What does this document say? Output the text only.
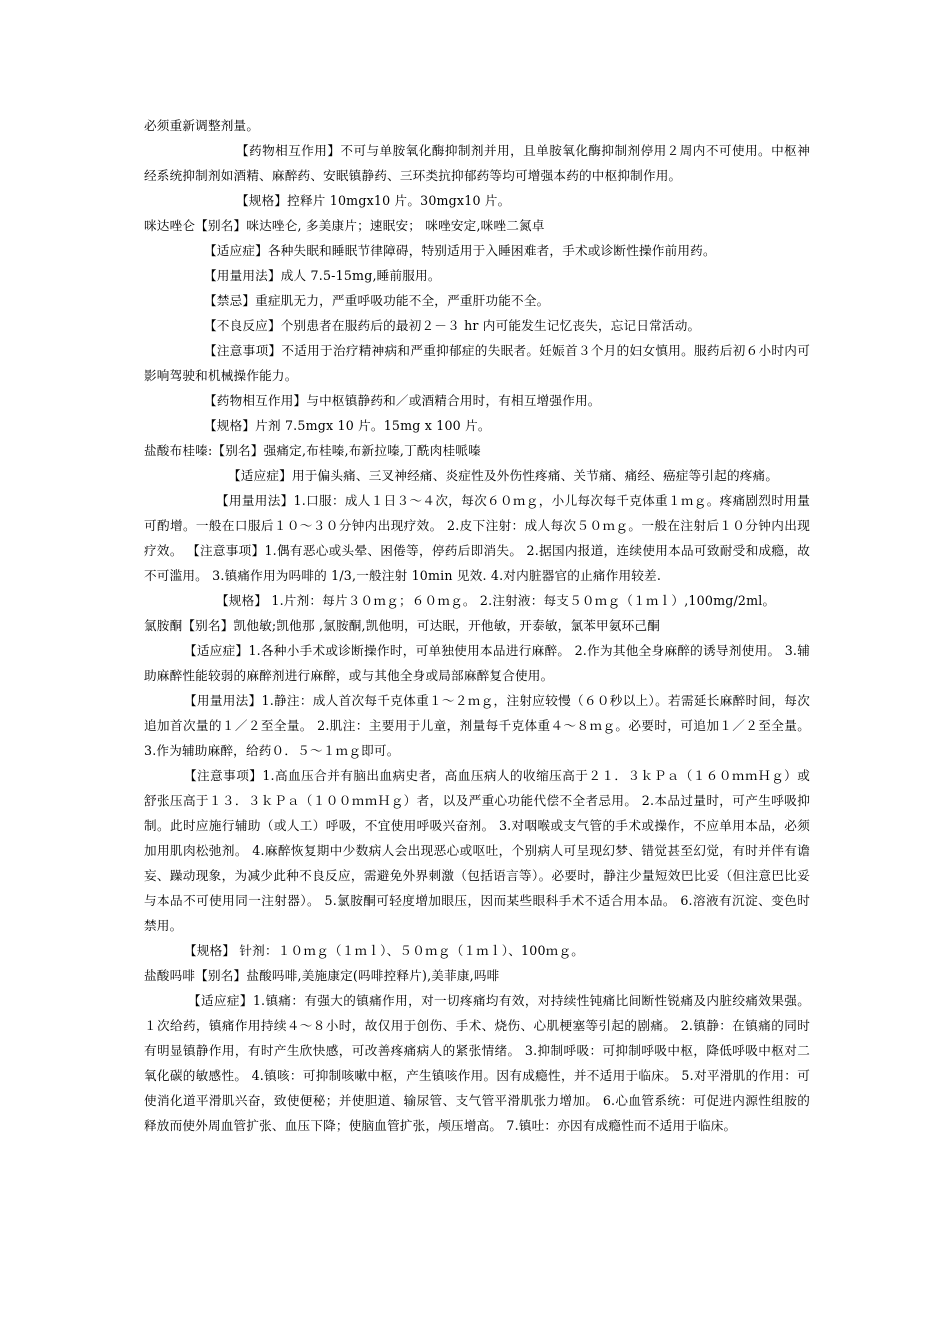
必须重新调整剂量。

【药物相互作用】不可与单胺氧化酶抑制剂并用，且单胺氧化酶抑制剂停用２周内不可使用。中枢神经系统抑制剂如酒精、麻醉药、安眠镇静药、三环类抗抑郁药等均可增强本药的中枢抑制作用。

【规格】控释片 10mgx10 片。30mgx10 片。

咪达唑仑【别名】咪达唑仑, 多美康片；速眠安； 咪唑安定,咪唑二氮卓

【适应症】各种失眠和睡眠节律障碍，特别适用于入睡困难者，手术或诊断性操作前用药。

【用量用法】成人 7.5-15mg,睡前服用。

【禁忌】重症肌无力，严重呼吸功能不全，严重肝功能不全。

【不良反应】个别患者在服药后的最初２－３ hr 内可能发生记忆丧失，忘记日常活动。

【注意事项】不适用于治疗精神病和严重抑郁症的失眠者。妊娠首３个月的妇女慎用。服药后初６小时内可影响驾驶和机械操作能力。

【药物相互作用】与中枢镇静药和／或酒精合用时，有相互增强作用。

【规格】片剂 7.5mgx 10 片。15mg x 100 片。

盐酸布桂嗪:【别名】强痛定,布桂嗪,布新拉嗪,丁酰肉桂哌嗪

【适应症】用于偏头痛、三叉神经痛、炎症性及外伤性疼痛、关节痛、痛经、癌症等引起的疼痛。

【用量用法】1.口服：成人１日３～４次，每次６０ｍｇ，小儿每次每千克体重１ｍｇ。疼痛剧烈时用量可酌增。一般在口服后１０～３０分钟内出现疗效。 2.皮下注射：成人每次５０ｍｇ。一般在注射后１０分钟内出现疗效。 【注意事项】1.偶有恶心或头晕、困倦等，停药后即消失。 2.据国内报道，连续使用本品可致耐受和成瘾，故不可滥用。 3.镇痛作用为吗啡的 1/3,一般注射 10min 见效. 4.对内脏器官的止痛作用较差.

【规格】 1.片剂：每片３０ｍｇ；６０ｍｇ。 2.注射液：每支５０ｍｇ（１ｍｌ）,100mg/2ml。

氯胺酮【别名】凯他敏;凯他那 ,氯胺酮,凯他明，可达眠，开他敏，开泰敏，氯苯甲氨环己酮

【适应症】1.各种小手术或诊断操作时，可单独使用本品进行麻醉。 2.作为其他全身麻醉的诱导剂使用。 3.辅助麻醉性能较弱的麻醉剂进行麻醉，或与其他全身或局部麻醉复合使用。

【用量用法】1.静注：成人首次每千克体重１～２ｍｇ，注射应较慢（６０秒以上）。若需延长麻醉时间，每次追加首次量的１／２至全量。 2.肌注：主要用于儿童，剂量每千克体重４～８ｍｇ。必要时，可追加１／２至全量。 3.作为辅助麻醉，给药０．５～１ｍｇ即可。

【注意事项】1.高血压合并有脑出血病史者，高血压病人的收缩压高于２１．３ｋＰａ（１６０ｍｍＨｇ）或舒张压高于１３．３ｋＰａ（１００ｍｍＨｇ）者，以及严重心功能代偿不全者忌用。 2.本品过量时，可产生呼吸抑制。此时应施行辅助（或人工）呼吸，不宜使用呼吸兴奋剂。 3.对咽喉或支气管的手术或操作，不应单用本品，必须加用肌肉松弛剂。 4.麻醉恢复期中少数病人会出现恶心或呕吐，个别病人可呈现幻梦、错觉甚至幻觉，有时并伴有谵妄、躁动现象，为减少此种不良反应，需避免外界刺激（包括语言等）。必要时，静注少量短效巴比妥（但注意巴比妥与本品不可使用同一注射器）。 5.氯胺酮可轻度增加眼压，因而某些眼科手术不适合用本品。 6.溶液有沉淀、变色时禁用。

【规格】 针剂：１０ｍｇ（１ｍｌ）、５０ｍｇ（１ｍｌ）、100ｍｇ。

盐酸吗啡【别名】盐酸吗啡,美施康定(吗啡控释片),美菲康,吗啡

【适应症】1.镇痛：有强大的镇痛作用，对一切疼痛均有效，对持续性钝痛比间断性锐痛及内脏绞痛效果强。１次给药，镇痛作用持续４～８小时，故仅用于创伤、手术、烧伤、心肌梗塞等引起的剧痛。 2.镇静：在镇痛的同时有明显镇静作用，有时产生欣快感，可改善疼痛病人的紧张情绪。 3.抑制呼吸：可抑制呼吸中枢，降低呼吸中枢对二氧化碳的敏感性。 4.镇咳：可抑制咳嗽中枢，产生镇咳作用。因有成瘾性，并不适用于临床。 5.对平滑肌的作用：可使消化道平滑肌兴奋，致使便秘；并使胆道、输尿管、支气管平滑肌张力增加。 6.心血管系统：可促进内源性组胺的释放而使外周血管扩张、血压下降；使脑血管扩张，颅压增高。 7.镇吐：亦因有成瘾性而不适用于临床。
